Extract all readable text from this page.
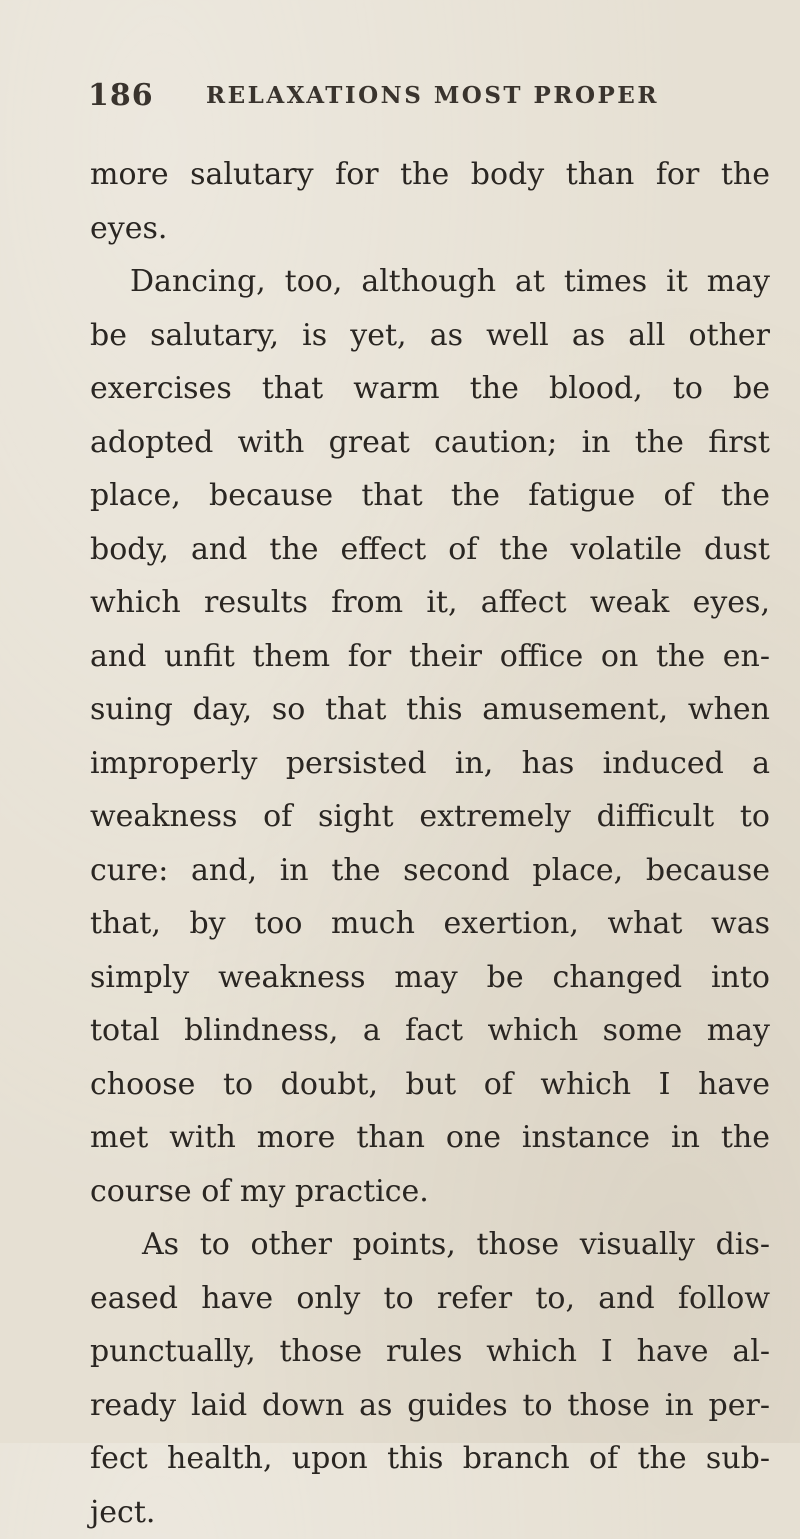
186 RELAXATIONS MOST PROPER
more salutary for the body than for the
eyes.
Dancing, too, although at times it may
be salutary, is yet, as well as all other
exercises that warm the blood, to be
adopted with great caution; in the first
place, because that the fatigue of the
body, and the effect of the volatile dust
which results from it, affect weak eyes,
and unfit them for their office on the en-
suing day, so that this amusement, when
improperly persisted in, has induced a
weakness of sight extremely difficult to
cure: and, in the second place, because
that, by too much exertion, what was
simply weakness may be changed into
total blindness, a fact which some may
choose to doubt, but of which I have
met with more than one instance in the
course of my practice.
As to other points, those visually dis-
eased have only to refer to, and follow
punctually, those rules which I have al-
ready laid down as guides to those in per-
fect health, upon this branch of the sub-
ject.
